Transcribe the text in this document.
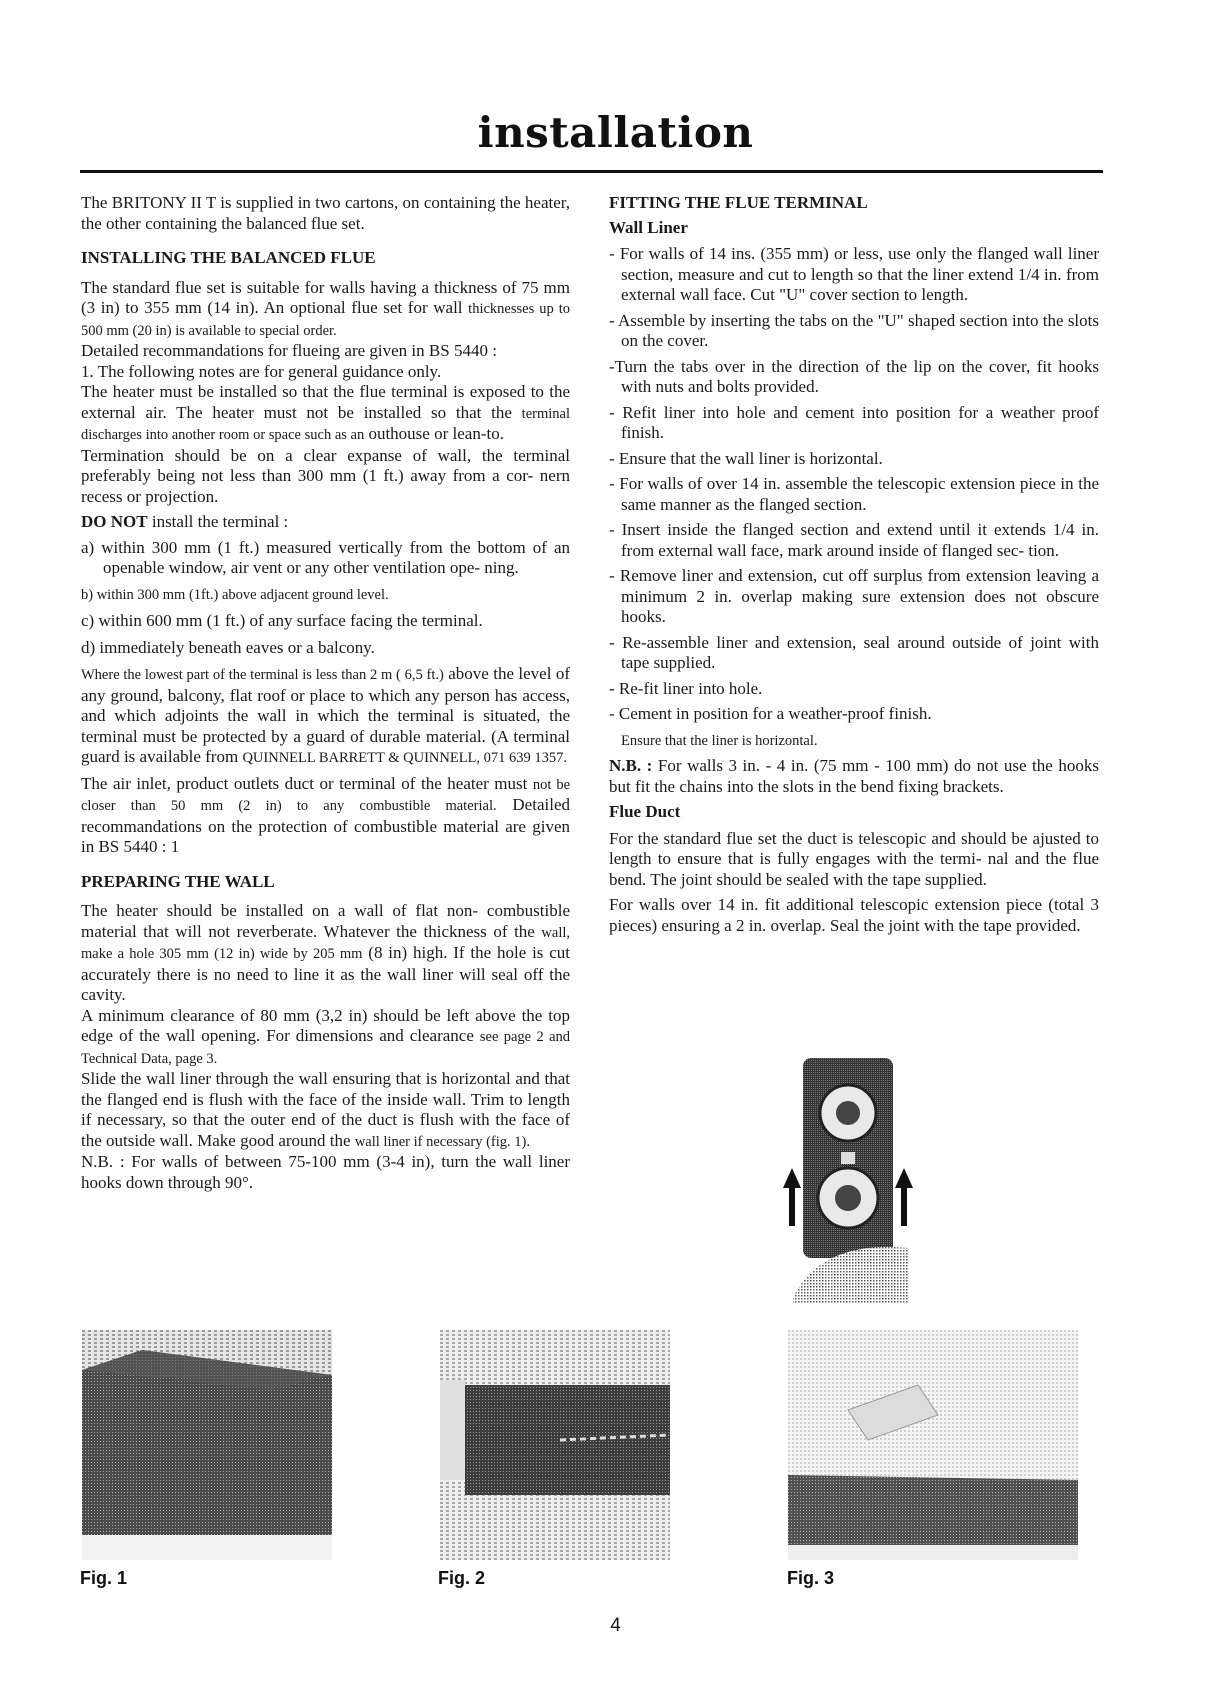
installation

The BRITONY II T is supplied in two cartons, on containing the heater, the other containing the balanced flue set.

INSTALLING THE BALANCED FLUE

The standard flue set is suitable for walls having a thickness of 75 mm (3 in) to 355 mm (14 in). An optional flue set for wall thicknesses up to 500 mm (20 in) is available to special order.

Detailed recommandations for flueing are given in BS 5440 :

1. The following notes are for general guidance only.

The heater must be installed so that the flue terminal is exposed to the external air. The heater must not be installed so that the terminal discharges into another room or space such as an outhouse or lean-to.

Termination should be on a clear expanse of wall, the terminal preferably being not less than 300 mm (1 ft.) away from a cor- nern recess or projection.

DO NOT install the terminal :

a) within 300 mm (1 ft.) measured vertically from the bottom of an openable window, air vent or any other ventilation ope- ning.
b) within 300 mm (1ft.) above adjacent ground level.
c) within 600 mm (1 ft.) of any surface facing the terminal.
d) immediately beneath eaves or a balcony.

Where the lowest part of the terminal is less than 2 m ( 6,5 ft.) above the level of any ground, balcony, flat roof or place to which any person has access, and which adjoints the wall in which the terminal is situated, the terminal must be protected by a guard of durable material. (A terminal guard is available from QUINNELL BARRETT & QUINNELL, 071 639 1357.

The air inlet, product outlets duct or terminal of the heater must not be closer than 50 mm (2 in) to any combustible material. Detailed recommandations on the protection of combustible material are given in BS 5440 : 1

PREPARING THE WALL

The heater should be installed on a wall of flat non- combustible material that will not reverberate. Whatever the thickness of the wall, make a hole 305 mm (12 in) wide by 205 mm (8 in) high. If the hole is cut accurately there is no need to line it as the wall liner will seal off the cavity.

A minimum clearance of 80 mm (3,2 in) should be left above the top edge of the wall opening. For dimensions and clearance see page 2 and Technical Data, page 3.

Slide the wall liner through the wall ensuring that is horizontal and that the flanged end is flush with the face of the inside wall. Trim to length if necessary, so that the outer end of the duct is flush with the face of the outside wall. Make good around the wall liner if necessary (fig. 1).

N.B. : For walls of between 75-100 mm (3-4 in), turn the wall liner hooks down through 90°.

FITTING THE FLUE TERMINAL
Wall Liner
- For walls of 14 ins. (355 mm) or less, use only the flanged wall liner section, measure and cut to length so that the liner extend 1/4 in. from external wall face. Cut "U" cover section to length.
- Assemble by inserting the tabs on the "U" shaped section into the slots on the cover.
-Turn the tabs over in the direction of the lip on the cover, fit hooks with nuts and bolts provided.
- Refit liner into hole and cement into position for a weather proof finish.
- Ensure that the wall liner is horizontal.
- For walls of over 14 in. assemble the telescopic extension piece in the same manner as the flanged section.
- Insert inside the flanged section and extend until it extends 1/4 in. from external wall face, mark around inside of flanged sec- tion.
- Remove liner and extension, cut off surplus from extension leaving a minimum 2 in. overlap making sure extension does not obscure hooks.
- Re-assemble liner and extension, seal around outside of joint with tape supplied.
- Re-fit liner into hole.
- Cement in position for a weather-proof finish.

Ensure that the liner is horizontal.

N.B. : For walls 3 in. - 4 in. (75 mm - 100 mm) do not use the hooks but fit the chains into the slots in the bend fixing brackets.

Flue Duct

For the standard flue set the duct is telescopic and should be ajusted to length to ensure that is fully engages with the termi- nal and the flue bend. The joint should be sealed with the tape supplied.

For walls over 14 in. fit additional telescopic extension piece (total 3 pieces) ensuring a 2 in. overlap. Seal the joint with the tape provided.

Fig. 1	Fig. 2	Fig. 3
4
